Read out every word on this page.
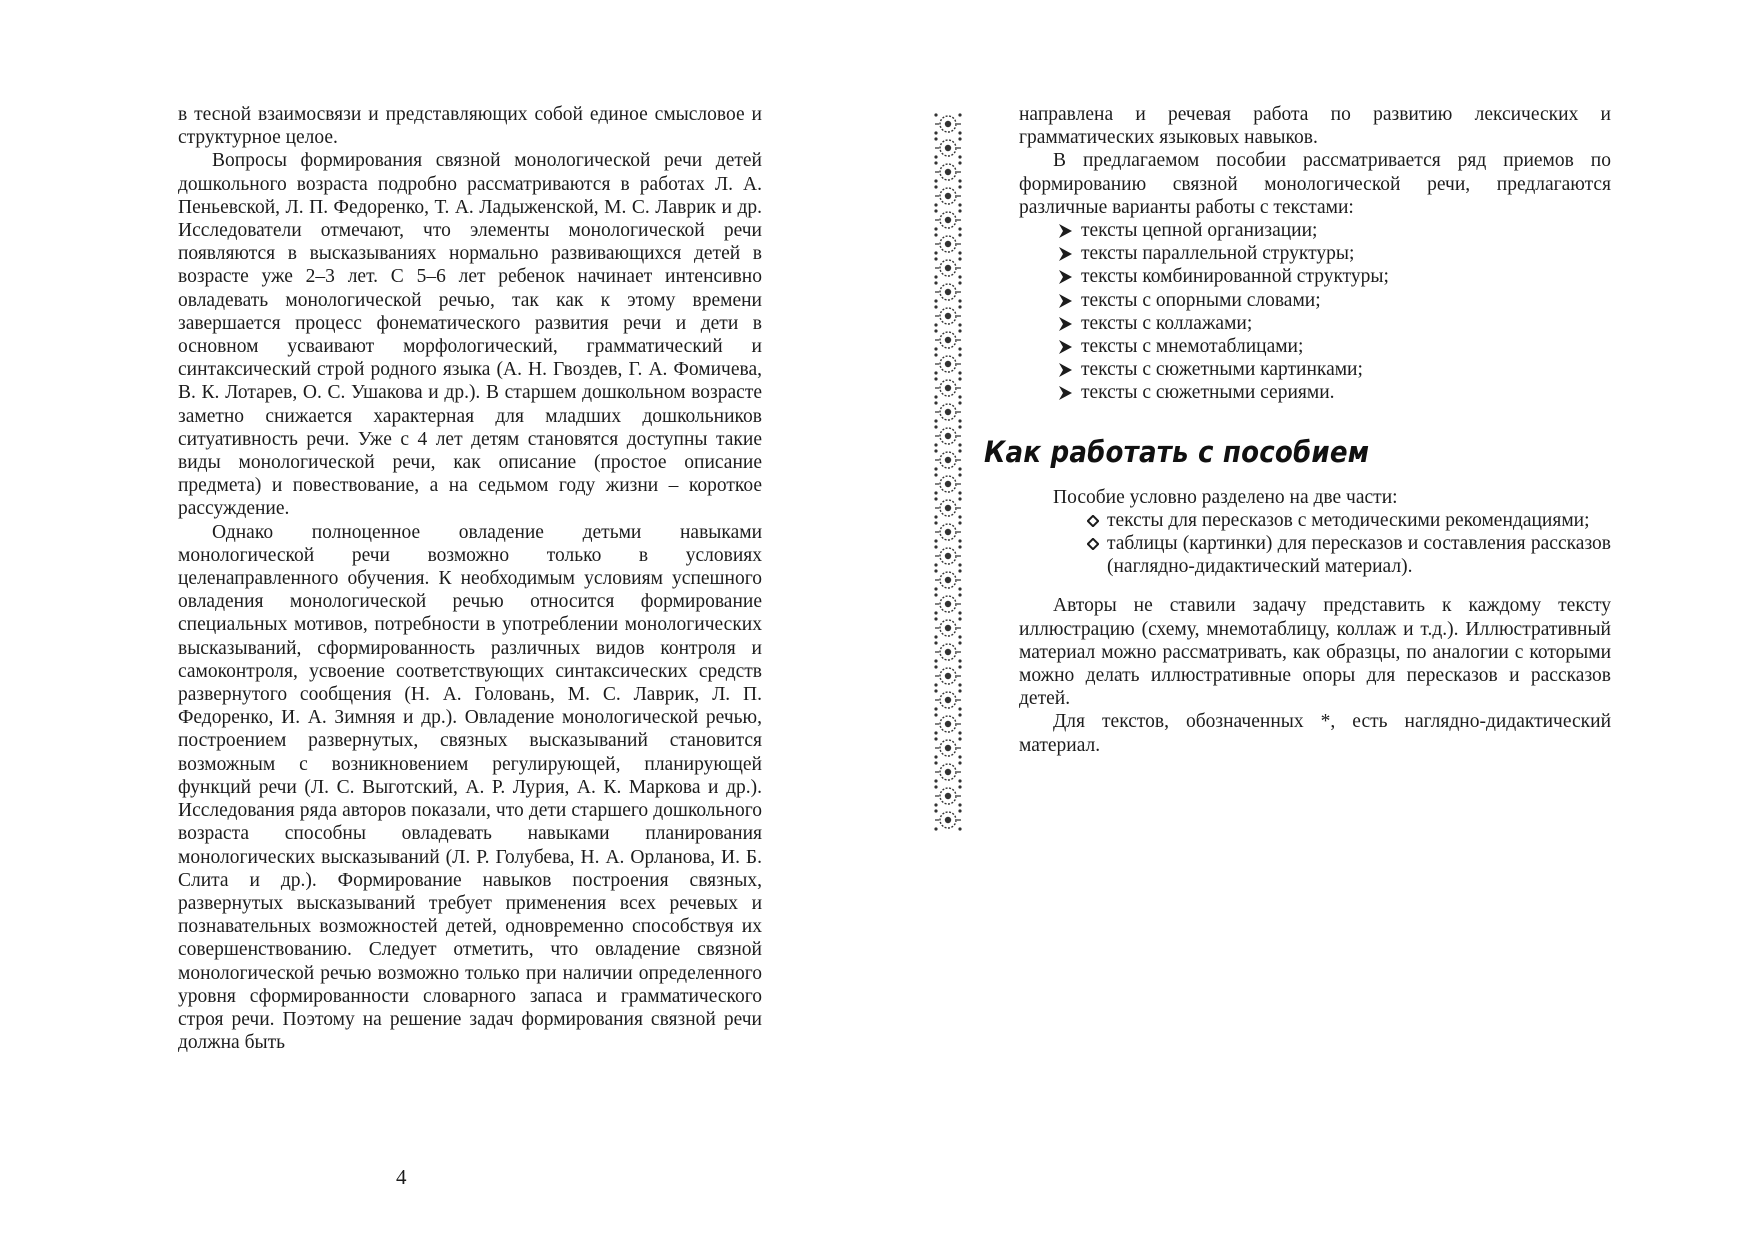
в тесной взаимосвязи и представляющих собой единое смысловое и структурное целое.

Вопросы формирования связной монологической речи детей дошкольного возраста подробно рассматриваются в работах Л. А. Пеньевской, Л. П. Федоренко, Т. А. Ладыженской, М. С. Лаврик и др. Исследователи отмечают, что элементы монологической речи появляются в высказываниях нормально развивающихся детей в возрасте уже 2–3 лет. С 5–6 лет ребенок начинает интенсивно овладевать монологической речью, так как к этому времени завершается процесс фонематического развития речи и дети в основном усваивают морфологический, грамматический и синтаксический строй родного языка (А. Н. Гвоздев, Г. А. Фомичева, В. К. Лотарев, О. С. Ушакова и др.). В старшем дошкольном возрасте заметно снижается характерная для младших дошкольников ситуативность речи. Уже с 4 лет детям становятся доступны такие виды монологической речи, как описание (простое описание предмета) и повествование, а на седьмом году жизни – короткое рассуждение.

Однако полноценное овладение детьми навыками монологической речи возможно только в условиях целенаправленного обучения. К необходимым условиям успешного овладения монологической речью относится формирование специальных мотивов, потребности в употреблении монологических высказываний, сформированность различных видов контроля и самоконтроля, усвоение соответствующих синтаксических средств развернутого сообщения (Н. А. Головань, М. С. Лаврик, Л. П. Федоренко, И. А. Зимняя и др.). Овладение монологической речью, построением развернутых, связных высказываний становится возможным с возникновением регулирующей, планирующей функций речи (Л. С. Выготский, А. Р. Лурия, А. К. Маркова и др.). Исследования ряда авторов показали, что дети старшего дошкольного возраста способны овладевать навыками планирования монологических высказываний (Л. Р. Голубева, Н. А. Орланова, И. Б. Слита и др.). Формирование навыков построения связных, развернутых высказываний требует применения всех речевых и познавательных возможностей детей, одновременно способствуя их совершенствованию. Следует отметить, что овладение связной монологической речью возможно только при наличии определенного уровня сформированности словарного запаса и грамматического строя речи. Поэтому на решение задач формирования связной речи должна быть

4

направлена и речевая работа по развитию лексических и грамматических языковых навыков.

В предлагаемом пособии рассматривается ряд приемов по формированию связной монологической речи, предлагаются различные варианты работы с текстами:

тексты цепной организации;
тексты параллельной структуры;
тексты комбинированной структуры;
тексты с опорными словами;
тексты с коллажами;
тексты с мнемотаблицами;
тексты с сюжетными картинками;
тексты с сюжетными сериями.
Как работать с пособием

Пособие условно разделено на две части:

тексты для пересказов с методическими рекомендациями;
таблицы (картинки) для пересказов и составления рассказов (наглядно-дидактический материал).

Авторы не ставили задачу представить к каждому тексту иллюстрацию (схему, мнемотаблицу, коллаж и т.д.). Иллюстративный материал можно рассматривать, как образцы, по аналогии с которыми можно делать иллюстративные опоры для пересказов и рассказов детей.

Для текстов, обозначенных *, есть наглядно-дидактический материал.
